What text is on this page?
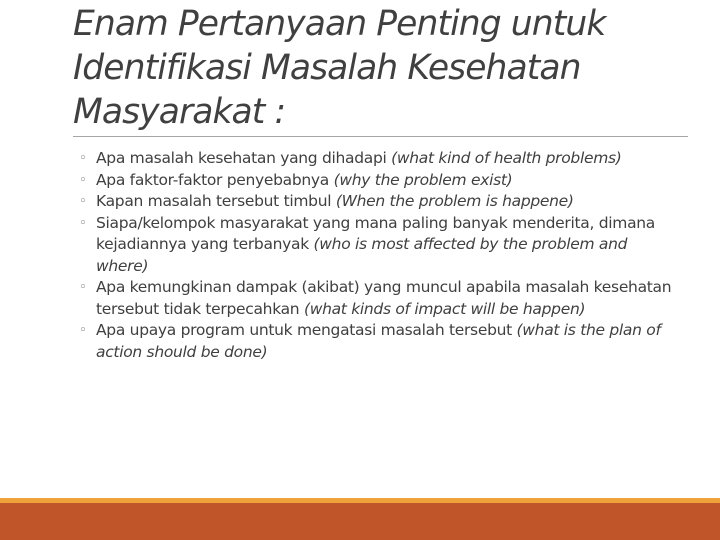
Enam Pertanyaan Penting untuk
Identifikasi Masalah Kesehatan
Masyarakat :
◦ Apa masalah kesehatan yang dihadapi (what kind of health problems)
◦ Apa faktor-faktor penyebabnya (why the problem exist)
◦ Kapan masalah tersebut timbul (When the problem is happene)
◦ Siapa/kelompok masyarakat yang mana paling banyak menderita, dimana kejadiannya yang terbanyak (who is most affected by the problem and where)
◦ Apa kemungkinan dampak (akibat) yang muncul apabila masalah kesehatan tersebut tidak terpecahkan (what kinds of impact will be happen)
◦ Apa upaya program untuk mengatasi masalah tersebut (what is the plan of action should be done)
